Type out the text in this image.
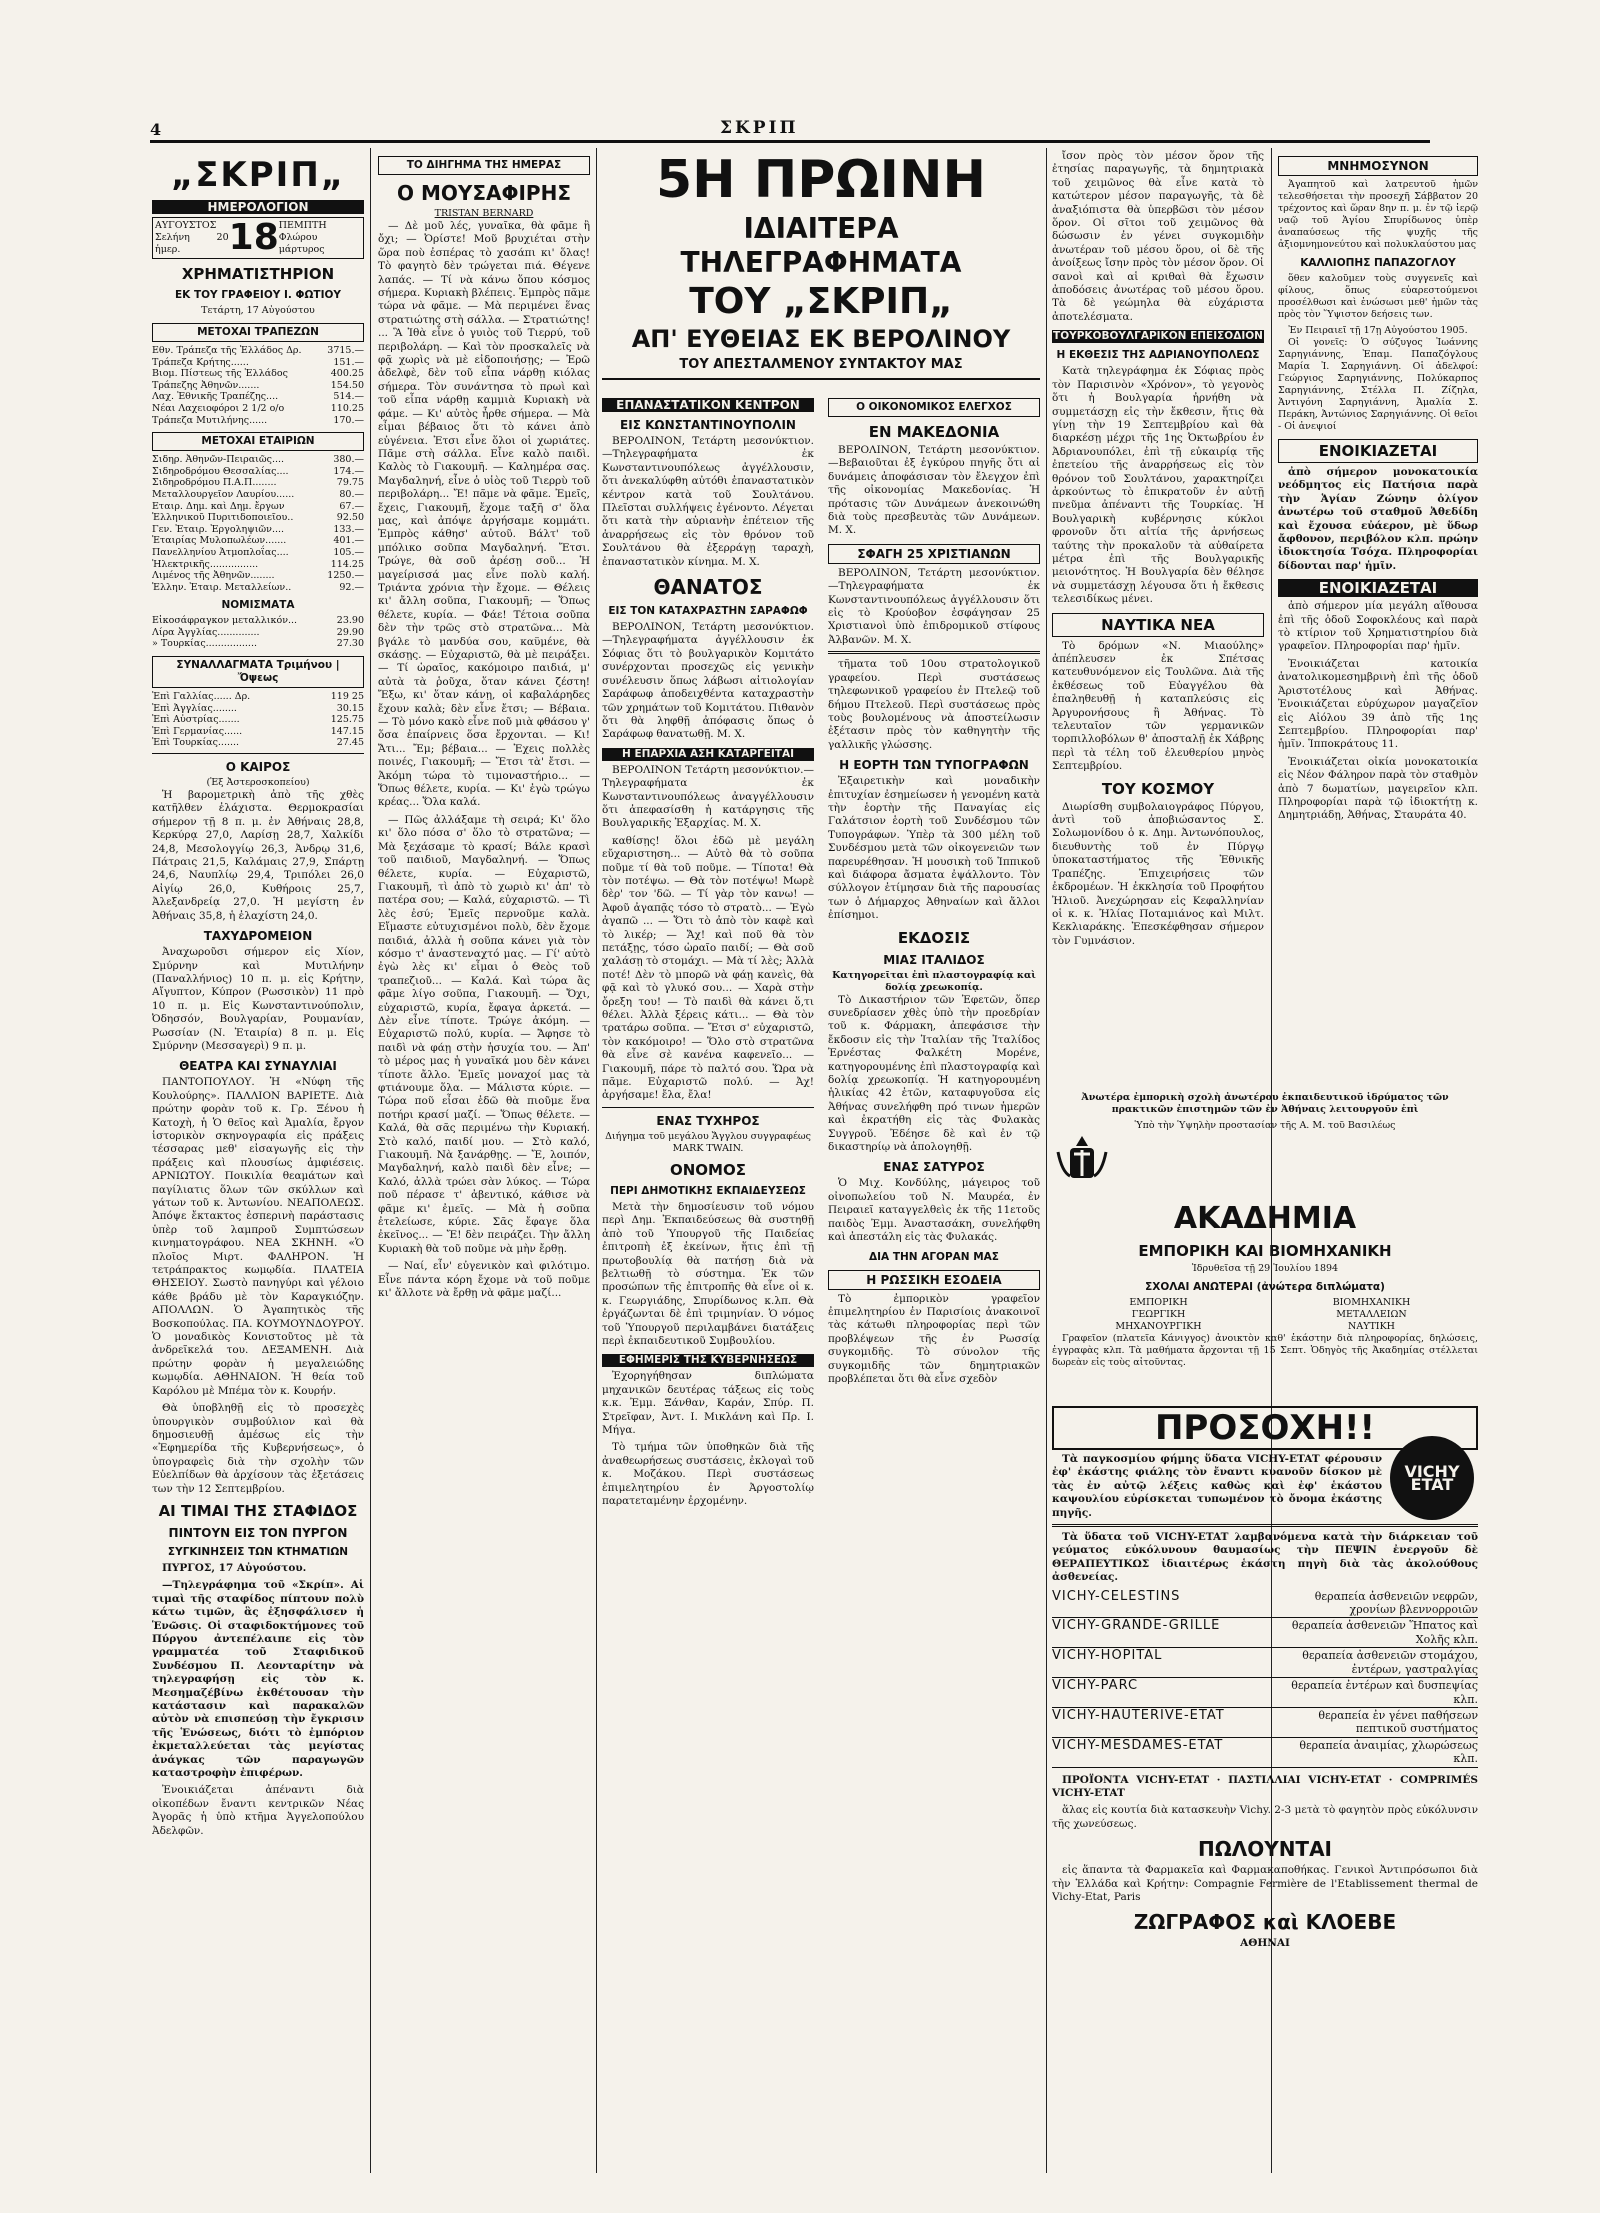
4	ΣΚΡΙΠ
„ΣΚΡΙΠ„
ΗΜΕΡΟΛΟΓΙΟΝ
ΑΥΓΟΥΣΤΟΣ
Σελήνη 20 ἡμερ.	18 ΠΕΜΠΤΗ
Φλώρου μάρτυρος
ΧΡΗΜΑΤΙΣΤΗΡΙΟΝ
ΕΚ ΤΟΥ ΓΡΑΦΕΙΟΥ Ι. ΦΩΤΙΟΥ
Τετάρτη, 17 Αὐγούστου
ΜΕΤΟΧΑΙ ΤΡΑΠΕΖΩΝ
Εθν. Τράπεζα τῆς Ἑλλάδος Δρ.	3715.—
Τράπεζα Κρήτης......	151.—
Βιομ. Πίστεως τῆς Ἑλλάδος	400.25
Τράπεζης Ἀθηνῶν.......	154.50
Λαχ. Ἐθνικῆς Τραπέζης....	514.—
Νέαι Λαχειοφόροι 2 1/2 ο/ο	110.25
Τράπεζα Μυτιλήνης......	170.—
ΜΕΤΟΧΑΙ ΕΤΑΙΡΙΩΝ
Σιδηρ. Ἀθηνῶν-Πειραιῶς....	380.—
Σιδηροδρόμου Θεσσαλίας....	174.—
Σιδηροδρόμου Π.Α.Π........	79.75
Μεταλλουργεῖον Λαυρίου......	80.—
Εταιρ. Δημ. καὶ Δημ. ἔργων	67.—
Ἑλληνικοῦ Πυριτιδοποιεῖου..	92.50
Γεν. Ἐταιρ. Ἐργοληψιῶν....	133.—
Ἑταιρίας Μυλοπωλέων.......	401.—
Πανελληνίου Ἀτμοπλοΐας....	105.—
Ἡλεκτρικῆς................	114.25
Λιμένος τῆς Ἀθηνῶν........	1250.—
Ἑλλην. Ἐταιρ. Μεταλλείων..	92.—
ΝΟΜΙΣΜΑΤΑ
Εἰκοσάφραγκον μεταλλικόν...	23.90
Λίρα Ἀγγλίας..............	29.90
» Τουρκίας.................	27.30
ΣΥΝΑΛΛΑΓΜΑΤΑ Τριμήνου | Ὄψεως
Ἐπὶ Γαλλίας...... Δρ.	119 25
Ἐπὶ Ἀγγλίας........	30.15
Ἐπὶ Αὐστρίας.......	125.75
Ἐπὶ Γερμανίας......	147.15
Ἐπὶ Τουρκίας.......	27.45
Ο ΚΑΙΡΟΣ
(Ἐξ Ἀστεροσκοπείου)

Ἡ βαρομετρικὴ ἀπὸ τῆς χθὲς κατῆλθεν ἐλάχιστα. Θερμοκρασίαι σήμερον τῇ 8 π. μ. ἐν Ἀθήναις 28,8, Κερκύρᾳ 27,0, Λαρίσῃ 28,7, Χαλκίδι 24,8, Μεσολογγίῳ 26,3, Ἀνδρῳ 31,6, Πάτραις 21,5, Καλάμαις 27,9, Σπάρτῃ 24,6, Ναυπλίῳ 29,4, Τριπόλει 26,0 Αἰγίῳ 26,0, Κυθήροις 25,7, Ἀλεξανδρείᾳ 27,0. Ἡ μεγίστη ἐν Ἀθήναις 35,8, ἡ ἐλαχίστη 24,0.

ΤΑΧΥΔΡΟΜΕΙΟΝ

Ἀναχωροῦσι σήμερον εἰς Χίον, Σμύρνην καὶ Μυτιλήνην (Παναλλήνιος) 10 π. μ. εἰς Κρήτην, Αἴγυπτον, Κύπρον (Ρωσσικὸν) 11 πρὸ 10 π. μ. Εἰς Κωνσταντινούπολιν, Ὀδησσόν, Βουλγαρίαν, Ρουμανίαν, Ρωσσίαν (Ν. Ἑταιρία) 8 π. μ. Εἰς Σμύρνην (Μεσσαγερὶ) 9 π. μ.

ΘΕΑΤΡΑ ΚΑΙ ΣΥΝΑΥΛΙΑΙ

ΠΑΝΤΟΠΟΥΛΟΥ. Ἡ «Νύφη τῆς Κουλούρης». ΠΑΛΛΙΟΝ ΒΑΡΙΕΤΕ. Διὰ πρώτην φορὰν τοῦ κ. Γρ. Ξένου ἡ Κατοχὴ, ἡ Ὁ θεῖος καὶ Ἀμαλία, ἔργον ἱστορικὸν σκηνογραφία εἰς πράξεις τέσσαρας μεθ' εἰσαγωγῆς εἰς τὴν πράξεις καὶ πλουσίως ἀμφιέσεις. ΑΡΝΙΩΤΟΥ. Ποικιλία θεαμάτων καὶ παγίλιατις ὅλων τῶν σκύλλων καὶ γάτων τοῦ κ. Ἀντωνίου. ΝΕΑΠΟΛΕΩΣ. Ἀπόψε ἔκτακτος ἐσπερινὴ παράστασις ὑπὲρ τοῦ λαμπροῦ Συμπτώσεων κινηματογράφου. ΝΕΑ ΣΚΗΝΗ. «Ὁ πλοῖος Μιρτ. ΦΑΛΗΡΟΝ. Ἡ τετράπρακτος κωμῳδία. ΠΛΑΤΕΙΑ ΘΗΣΕΙΟΥ. Σωστὸ πανηγύρι καὶ γέλοιο κάθε βράδυ μὲ τὸν Καραγκιόζην. ΑΠΟΛΛΩΝ. Ὁ Ἀγαπητικὸς τῆς Βοσκοπούλας. ΠΑ. ΚΟΥΜΟΥΝΔΟΥΡΟΥ. Ὁ μοναδικὸς Κονιστοῦτος μὲ τὰ ἀνδρεῖκελά του. ΔΕΞΑΜΕΝΗ. Διὰ πρώτην φορὰν ἡ μεγαλειώδης κωμῳδία. ΑΘΗΝΑΙΟΝ. Ἡ θεία τοῦ Καρόλου μὲ Μπέμα τὸν κ. Κουρήν.

Θὰ ὑποβληθῇ εἰς τὸ προσεχὲς ὑπουργικὸν συμβούλιον καὶ θὰ δημοσιευθῇ ἀμέσως εἰς τὴν «Ἐφημερίδα τῆς Κυβερνήσεως», ὁ ὑπογραφεὶς διὰ τὴν σχολὴν τῶν Εὐελπίδων θὰ ἀρχίσουν τὰς ἐξετάσεις των τὴν 12 Σεπτεμβρίου.

ΑΙ ΤΙΜΑΙ ΤΗΣ ΣΤΑΦΙΔΟΣ
ΠΙΝΤΟΥΝ ΕΙΣ ΤΟΝ ΠΥΡΓΟΝ
ΣΥΓΚΙΝΗΣΕΙΣ ΤΩΝ ΚΤΗΜΑΤΙΩΝ

ΠΥΡΓΟΣ, 17 Αὐγούστου.

—Τηλεγράφημα τοῦ «Σκρίπ». Αἱ τιμαὶ τῆς σταφίδος πίπτουν πολὺ κάτω τιμῶν, ἃς ἐξησφάλισεν ἡ Ἑνῶσις. Οἱ σταφιδοκτήμονες τοῦ Πύργου ἀντεπέλαιπε εἰς τὸν γραμματέα τοῦ Σταφιδικοῦ Συνδέσμου Π. Λεονταρίτην νὰ τηλεγραφήσῃ εἰς τὸν κ. Μεσημαζέβίνω ἐκθέτουσαν τὴν κατάστασιν καὶ παρακαλῶν αὐτὸν νὰ επισπεύσῃ τὴν ἔγκρισιν τῆς Ἑνώσεως, διότι τὸ ἐμπόριον ἐκμεταλλεύεται τὰς μεγίστας ἀνάγκας τῶν παραγωγῶν καταστροφὴν ἐπιφέρων.

Ἐνοικιάζεται ἀπέναντι διὰ οἰκοπέδων ἔναντι κεντρικῶν Νέας Ἀγορᾶς ἡ ὑπὸ κτῆμα Ἀγγελοπούλου Ἀδελφῶν.

ΤΟ ΔΙΗΓΗΜΑ ΤΗΣ ΗΜΕΡΑΣ
Ο ΜΟΥΣΑΦΙΡΗΣ
TRISTAN BERNARD

— Δὲ μοῦ λές, γυναῖκα, θὰ φᾶμε ἢ ὄχι; — Ὀρίστε! Μοῦ βρυχιέται στὴν ὥρα ποὺ ἐσπέρας τὸ χασάπι κι' ὅλας! Τὸ φαγητὸ δὲν τρώγεται πιά. Θέγενε λαπάς. — Τί νὰ κάνω ὅπου κόσμος σήμερα. Κυριακὴ βλέπεις. Ἐμπρὸς πᾶμε τώρα νὰ φᾶμε. — Μὰ περιμένει ἕνας στρατιώτης στὴ σάλλα. — Στρατιώτης! ... Ἃ Ἰθὰ εἶνε ὁ γυιὸς τοῦ Τιερρύ, τοῦ περιβολάρη. — Καὶ τὸν προσκαλεῖς νὰ φᾷ χωρὶς νὰ μὲ εἰδοποιήσῃς; — Ἐρῶ ἀδελφὲ, δὲν τοῦ εἶπα νάρθῃ κιόλας σήμερα. Τὸν συνάντησα τὸ πρωὶ καὶ τοῦ εἶπα νάρθῃ καμμιὰ Κυριακὴ νὰ φάμε. — Κι' αὐτὸς ἦρθε σήμερα. — Μὰ εἶμαι βέβαιος ὅτι τὸ κάνει ἀπὸ εὐγένεια. Ἐτσι εἶνε ὅλοι οἱ χωριάτες. Πᾶμε στὴ σάλλα. Εἶνε καλὸ παιδὶ. Καλὸς τὸ Γιακουμῆ. — Καλημέρα σας. Μαγδαληνή, εἶνε ὁ υἱὸς τοῦ Τιερρὺ τοῦ περιβολάρη... Ἔ! πᾶμε νὰ φᾶμε. Ἐμεῖς, ἔχεις, Γιακουμῆ, ἔχομε ταξῆ σ' ὅλα μας, καὶ ἀπόψε ἀργήσαμε κομμάτι. Ἐμπρὸς κάθησ' αὐτοῦ. Βάλτ' τοῦ μπόλικο σοῦπα Μαγδαληνή. Ἔτσι. Τρώγε, θὰ σοῦ ἀρέσῃ σοῦ... Ἡ μαγείρισσά μας εἶνε πολὺ καλή. Τριάντα χρόνια τὴν ἔχομε. — Θέλεις κι' ἄλλη σοῦπα, Γιακουμῆ; — Ὅπως θέλετε, κυρία. — Φάε! Τέτοια σοῦπα δὲν τὴν τρῶς στὸ στρατῶνα... Μὰ βγάλε τὸ μανδύα σου, καϋμένε, θὰ σκάσῃς. — Εὐχαριστῶ, θὰ μὲ πειράξει. — Τί ὡραῖος, κακόμοιρο παιδιά, μ' αὐτὰ τὰ ῥοῦχα, ὅταν κάνει ζέστη! Ἔξω, κι' ὅταν κάνῃ, οἱ καβαλάρηδες ἔχουν καλὰ; δὲν εἶνε ἔτσι; — Βέβαια. — Τὸ μόνο κακὸ εἶνε ποῦ μιὰ φθάσου γ' ὅσα ἐπαίρνεις ὅσα ἔρχονται. — Κι! Ἄτι... Ἔμ; βέβαια... — Ἐχεις πολλὲς ποινές, Γιακουμῆ; — Ἔτσι τὰ' ἔτσι. — Ἀκόμη τώρα τὸ τιμοναστήριο... — Ὅπως θέλετε, κυρία. — Κι' ἐγὼ τρώγω κρέας... Ὅλα καλά.

— Πῶς ἀλλάξαμε τὴ σειρά; Κι' ὅλο κι' ὅλο πόσα σ' ὅλο τὸ στρατῶνα; — Μὰ ξεχάσαμε τὸ κρασί; Βάλε κρασὶ τοῦ παιδιοῦ, Μαγδαληνή. — Ὅπως θέλετε, κυρία. — Εὐχαριστῶ, Γιακουμῆ, τὶ ἀπὸ τὸ χωριὸ κι' ἀπ' τὸ πατέρα σου; — Καλά, εὐχαριστῶ. — Τὶ λὲς ἐσύ; Ἐμεῖς περνοῦμε καλὰ. Εἴμαστε εὐτυχισμένοι πολὺ, δὲν ἔχομε παιδιά, ἀλλὰ ἡ σοῦπα κάνει γιὰ τὸν κόσμο τ' ἀναστεναχτό μας. — Γί' αὐτὸ ἐγὼ λὲς κι' εἶμαι ὁ Θεὸς τοῦ τραπεζιοῦ... — Καλά. Καὶ τώρα ἂς φᾶμε λίγο σοῦπα, Γιακουμῆ. — Ὄχι, εὐχαριστῶ, κυρία, ἔφαγα ἀρκετά. — Δὲν εἶνε τίποτε. Τρώγε ἀκόμη. — Εὐχαριστῶ πολύ, κυρία. — Ἄφησε τὸ παιδὶ νὰ φάῃ στὴν ἡσυχία του. — Ἀπ' τὸ μέρος μας ἡ γυναῖκά μου δὲν κάνει τίποτε ἄλλο. Ἐμεῖς μοναχοί μας τὰ φτιάνουμε ὅλα. — Μάλιστα κύριε. — Τώρα ποῦ εἶσαι ἐδῶ θὰ πιοῦμε ἕνα ποτήρι κρασί μαζί. — Ὅπως θέλετε. — Καλά, θὰ σᾶς περιμένω τὴν Κυριακή. Στὸ καλό, παιδί μου. — Στὸ καλό, Γιακουμῆ. Νὰ ξανάρθῃς. — Ἔ, λοιπόν, Μαγδαληνή, καλὸ παιδὶ δὲν εἶνε; — Καλό, ἀλλὰ τρώει σὰν λύκος. — Τώρα ποῦ πέρασε τ' ἀβεντικό, κάθισε νὰ φᾶμε κι' ἐμεῖς. — Μὰ ἡ σοῦπα ἐτελείωσε, κύριε. Σᾶς ἔφαγε ὅλα ἐκεῖνος... — Ἔ! δὲν πειράζει. Τὴν ἄλλη Κυριακὴ θὰ τοῦ ποῦμε νὰ μὴν ἔρθῃ.

— Ναί, εἶν' εὐγενικὸν καὶ φιλότιμο. Εἶνε πάντα κόρη ἔχομε νὰ τοῦ ποῦμε κι' ἄλλοτε νὰ ἔρθῃ νὰ φᾶμε μαζί...

5Η ΠΡΩΙΝΗ
ΙΔΙΑΙΤΕΡΑ ΤΗΛΕΓΡΑΦΗΜΑΤΑ
ΤΟΥ „ΣΚΡΙΠ„
ΑΠ' ΕΥΘΕΙΑΣ ΕΚ ΒΕΡΟΛΙΝΟΥ
ΤΟΥ ΑΠΕΣΤΑΛΜΕΝΟΥ ΣΥΝΤΑΚΤΟΥ ΜΑΣ
ΕΠΑΝΑΣΤΑΤΙΚΟΝ ΚΕΝΤΡΟΝ
ΕΙΣ ΚΩΝΣΤΑΝΤΙΝΟΥΠΟΛΙΝ

ΒΕΡΟΛΙΝΟΝ, Τετάρτη μεσονύκτιον.—Τηλεγραφήματα ἐκ Κωνσταντινουπόλεως ἀγγέλλουσιν, ὅτι ἀνεκαλύφθη αὐτόθι ἐπαναστατικὸν κέντρον κατὰ τοῦ Σουλτάνου. Πλεῖσται συλλήψεις ἐγένοντο. Λέγεται ὅτι κατὰ τὴν αὐριανὴν ἐπέτειον τῆς ἀναρρήσεως εἰς τὸν θρόνον τοῦ Σουλτάνου θὰ ἐξερράγῃ ταραχὴ, ἐπαναστατικὸν κίνημα. Μ. Χ.

ΘΑΝΑΤΟΣ
ΕΙΣ ΤΟΝ ΚΑΤΑΧΡΑΣΤΗΝ ΣΑΡΑΦΩΦ

ΒΕΡΟΛΙΝΟΝ, Τετάρτη μεσονύκτιον.—Τηλεγραφήματα ἀγγέλλουσιν ἐκ Σόφιας ὅτι τὸ βουλγαρικὸν Κομιτάτο συνέρχονται προσεχῶς εἰς γενικὴν συνέλευσιν ὅπως λάβωσι αἰτιολογίαν Σαράφωφ ἀποδειχθέντα καταχραστὴν τῶν χρημάτων τοῦ Κομιτάτου. Πιθανὸν ὅτι θὰ ληφθῇ ἀπόφασις ὅπως ὁ Σαράφωφ θανατωθῇ. Μ. Χ.

Η ΕΠΑΡΧΙΑ ΑΣΗ ΚΑΤΑΡΓΕΙΤΑΙ

ΒΕΡΟΛΙΝΟΝ Τετάρτη μεσονύκτιον.—Τηλεγραφήματα ἐκ Κωνσταντινουπόλεως ἀναγγέλλουσιν ὅτι ἀπεφασίσθη ἡ κατάργησις τῆς Βουλγαρικῆς Ἐξαρχίας. Μ. Χ.

καθίσῃς! ὅλοι ἐδῶ μὲ μεγάλη εὔχαριστηση... — Αὐτὸ θὰ τὸ σοῦπα ποῦμε τί θὰ τοῦ ποῦμε. — Τίποτα! Θὰ τὸν ποτέψω. — Θὰ τὸν ποτέψω! Μωρὲ δὲρ' τον 'δῶ. — Τί γὰρ τὸν κανω! — Ἀφοῦ ἀγαπᾷς τόσο τὸ στρατὸ... — Ἐγὼ ἀγαπῶ ... — Ὅτι τὸ ἀπὸ τὸν καφὲ καὶ τὸ λικέρ; — Ἄχ! καὶ ποῦ θὰ τὸν πετάξῃς, τόσο ὡραῖο παιδί; — Θὰ σοῦ χαλάσῃ τὸ στομάχι. — Μὰ τί λὲς; Ἀλλὰ ποτέ! Δὲν τὸ μπορῶ νὰ φάῃ κανεὶς, θὰ φᾷ καὶ τὸ γλυκό σου... — Χαρὰ στὴν ὄρεξη του! — Τὸ παιδὶ θὰ κάνει ὅ,τι θέλει. Ἀλλὰ ξέρεις κάτι... — Θὰ τὸν τρατάρω σοῦπα. — Ἔτσι σ' εὐχαριστῶ, τὸν κακόμοιρο! — Ὅλο στὸ στρατῶνα θὰ εἶνε σὲ κανένα καφενεῖο... — Γιακουμῆ, πάρε τὸ παλτό σου. Ὥρα νὰ πᾶμε. Εὐχαριστῶ πολύ. — Ἀχ! ἀργήσαμε! ἔλα, ἔλα!

ΕΝΑΣ ΤΥΧΗΡΟΣ
Διήγημα τοῦ μεγάλου Ἄγγλου συγγραφέως MARK TWAIN.
ΟΝΟΜΟΣ
ΠΕΡΙ ΔΗΜΟΤΙΚΗΣ ΕΚΠΑΙΔΕΥΣΕΩΣ

Μετὰ τὴν δημοσίευσιν τοῦ νόμου περὶ Δημ. Ἐκπαιδεύσεως θὰ συστηθῇ ἀπὸ τοῦ Ὑπουργοῦ τῆς Παιδείας ἐπιτροπὴ ἐξ ἐκείνων, ἥτις ἐπὶ τῇ πρωτοβουλίᾳ θὰ πατήσῃ διὰ νὰ βελτιωθῇ τὸ σύστημα. Ἐκ τῶν προσώπων τῆς ἐπιτροπῆς θὰ εἶνε οἱ κ. κ. Γεωργιάδης, Σπυρίδωνος κ.λπ. Θὰ ἐργάζωνται δὲ ἐπὶ τριμηνίαν. Ὁ νόμος τοῦ Ὑπουργοῦ περιλαμβάνει διατάξεις περὶ ἐκπαιδευτικοῦ Συμβουλίου.

ΕΦΗΜΕΡΙΣ ΤΗΣ ΚΥΒΕΡΝΗΣΕΩΣ

Ἐχορηγήθησαν διπλώματα μηχανικῶν δευτέρας τάξεως εἰς τοὺς κ.κ. Ἐμμ. Ξάνθαν, Καράν, Σπύρ. Π. Στρεῖφαν, Ἀντ. Ι. Μικλάνη καὶ Πρ. Ι. Μήγα.

Τὸ τμήμα τῶν ὑποθηκῶν διὰ τῆς ἀναθεωρήσεως συστάσεις, ἐκλογαὶ τοῦ κ. Μοζάκου. Περὶ συστάσεως ἐπιμελητηρίου ἐν Ἀργοστολίῳ παρατεταμένην ἐρχομένην.

Ο ΟΙΚΟΝΟΜΙΚΟΣ ΕΛΕΓΧΟΣ
ΕΝ ΜΑΚΕΔΟΝΙΑ

ΒΕΡΟΛΙΝΟΝ, Τετάρτη μεσονύκτιον.—Βεβαιοῦται ἐξ ἐγκύρου πηγῆς ὅτι αἱ δυνάμεις ἀποφάσισαν τὸν ἔλεγχον ἐπὶ τῆς οἰκονομίας Μακεδονίας. Ἡ πρότασις τῶν Δυνάμεων ἀνεκοινώθη διὰ τοὺς πρεσβευτὰς τῶν Δυνάμεων. Μ. Χ.

ΣΦΑΓΗ 25 ΧΡΙΣΤΙΑΝΩΝ

ΒΕΡΟΛΙΝΟΝ, Τετάρτη μεσονύκτιον.—Τηλεγραφήματα ἐκ Κωνσταντινουπόλεως ἀγγέλλουσιν ὅτι εἰς τὸ Κρούοβον ἐσφάγησαν 25 Χριστιανοὶ ὑπὸ ἐπιδρομικοῦ στίφους Ἀλβανῶν. Μ. Χ.

τῆματα τοῦ 10ου στρατολογικοῦ γραφείου. Περὶ συστάσεως τηλεφωνικοῦ γραφείου ἐν Πτελεῷ τοῦ δήμου Πτελεοῦ. Περὶ συστάσεως πρὸς τοὺς βουλομένους νὰ ἀποστείλωσιν ἐξέτασιν πρὸς τὸν καθηγητὴν τῆς γαλλικῆς γλώσσης.

Η ΕΟΡΤΗ ΤΩΝ ΤΥΠΟΓΡΑΦΩΝ

Ἐξαιρετικὴν καὶ μοναδικὴν ἐπιτυχίαν ἐσημείωσεν ἡ γενομένη κατὰ τὴν ἑορτὴν τῆς Παναγίας εἰς Γαλάτσιον ἑορτὴ τοῦ Συνδέσμου τῶν Τυπογράφων. Ὑπὲρ τὰ 300 μέλη τοῦ Συνδέσμου μετὰ τῶν οἰκογενειῶν των παρευρέθησαν. Ἡ μουσικὴ τοῦ Ἱππικοῦ καὶ διάφορα ἄσματα ἐψάλλοντο. Τὸν σύλλογον ἐτίμησαν διὰ τῆς παρουσίας των ὁ Δήμαρχος Ἀθηναίων καὶ ἄλλοι ἐπίσημοι.

ΕΚΔΟΣΙΣ
ΜΙΑΣ ΙΤΑΛΙΔΟΣ
Κατηγορεῖται ἐπὶ πλαστογραφίᾳ καὶ δολίᾳ χρεωκοπίᾳ.

Τὸ Δικαστήριον τῶν Ἐφετῶν, ὅπερ συνεδρίασεν χθὲς ὑπὸ τὴν προεδρίαν τοῦ κ. Φάρμακη, ἀπεφάσισε τὴν ἔκδοσιν εἰς τὴν Ἰταλίαν τῆς Ἰταλίδος Ἐρνέστας Φαλκέτη Μορένε, κατηγορουμένης ἐπὶ πλαστογραφίᾳ καὶ δολίᾳ χρεωκοπίᾳ. Ἡ κατηγορουμένη ἡλικίας 42 ἐτῶν, καταφυγοῦσα εἰς Ἀθήνας συνελήφθη πρό τινων ἡμερῶν καὶ ἐκρατήθη εἰς τὰς Φυλακὰς Συγγροῦ. Ἐδέησε δὲ καὶ ἐν τῷ δικαστηρίῳ νὰ ἀπολογηθῇ.

ΕΝΑΣ ΣΑΤΥΡΟΣ

Ὁ Μιχ. Κονδύλης, μάγειρος τοῦ οἰνοπωλείου τοῦ Ν. Μαυρέα, ἐν Πειραιεῖ καταγγελθεὶς ἐκ τῆς 11ετοῦς παιδὸς Ἐμμ. Ἀναστασάκη, συνελήφθη καὶ ἀπεστάλη εἰς τὰς Φυλακάς.

ΔΙΑ ΤΗΝ ΑΓΟΡΑΝ ΜΑΣ
Η ΡΩΣΣΙΚΗ ΕΣΟΔΕΙΑ

Τὸ ἐμπορικὸν γραφεῖον ἐπιμελητηρίου ἐν Παρισίοις ἀνακοινοῖ τὰς κάτωθι πληροφορίας περὶ τῶν προβλέψεων τῆς ἐν Ρωσσίᾳ συγκομιδῆς. Τὸ σύνολον τῆς συγκομιδῆς τῶν δημητριακῶν προβλέπεται ὅτι θὰ εἶνε σχεδὸν

ἴσον πρὸς τὸν μέσον ὅρον τῆς ἐτησίας παραγωγῆς, τὰ δημητριακὰ τοῦ χειμῶνος θὰ εἶνε κατὰ τὸ κατώτερον μέσον παραγωγῆς, τὰ δὲ ἀναξιόπιστα θὰ ὑπερβῶσι τὸν μέσον ὅρον. Οἱ σῖτοι τοῦ χειμῶνος θὰ δώσωσιν ἐν γένει συγκομιδὴν ἀνωτέραν τοῦ μέσου ὅρου, οἱ δὲ τῆς ἀνοίξεως ἴσην πρὸς τὸν μέσον ὅρον. Οἱ σανοὶ καὶ αἱ κριθαὶ θὰ ἔχωσιν ἀποδόσεις ἀνωτέρας τοῦ μέσου ὅρου. Τὰ δὲ γεώμηλα θὰ εὐχάριστα ἀποτελέσματα.

ΤΟΥΡΚΟΒΟΥΛΓΑΡΙΚΟΝ ΕΠΕΙΣΟΔΙΟΝ
Η ΕΚΘΕΣΙΣ ΤΗΣ ΑΔΡΙΑΝΟΥΠΟΛΕΩΣ

Κατὰ τηλεγράφημα ἐκ Σόφιας πρὸς τὸν Παρισινὸν «Χρόνον», τὸ γεγονὸς ὅτι ἡ Βουλγαρία ἠρνήθη νὰ συμμετάσχῃ εἰς τὴν ἔκθεσιν, ἥτις θὰ γίνῃ τὴν 19 Σεπτεμβρίου καὶ θὰ διαρκέσῃ μέχρι τῆς 1ης Ὀκτωβρίου ἐν Ἀδριανουπόλει, ἐπὶ τῇ εὐκαιρίᾳ τῆς ἐπετείου τῆς ἀναρρήσεως εἰς τὸν θρόνον τοῦ Σουλτάνου, χαρακτηρίζει ἀρκούντως τὸ ἐπικρατοῦν ἐν αὐτῇ πνεῦμα ἀπέναντι τῆς Τουρκίας. Ἡ Βουλγαρικὴ κυβέρνησις κύκλοι φρονοῦν ὅτι αἰτία τῆς ἀρνήσεως ταύτης τὴν προκαλοῦν τὰ αὐθαίρετα μέτρα ἐπὶ τῆς Βουλγαρικῆς μειονότητος. Ἡ Βουλγαρία δὲν θέλησε νὰ συμμετάσχῃ λέγουσα ὅτι ἡ ἔκθεσις τελεσιδίκως μένει.

ΝΑΥΤΙΚΑ ΝΕΑ

Τὸ δρόμων «Ν. Μιαούλης» ἀπέπλευσεν ἐκ Σπέτσας κατευθυνόμενον εἰς Τουλῶνα. Διὰ τῆς ἐκθέσεως τοῦ Εὐαγγέλου θὰ ἐπαληθευθῇ ἡ καταπλεύσις εἰς Ἀργυρονήσους ἢ Ἀθήνας. Τὸ τελευταῖον τῶν γερμανικῶν τορπιλλοβόλων θ' ἀποσταλῇ ἐκ Χάβρης περὶ τὰ τέλη τοῦ ἐλευθερίου μηνὸς Σεπτεμβρίου.

ΤΟΥ ΚΟΣΜΟΥ

Διωρίσθη συμβολαιογράφος Πύργου, ἀντὶ τοῦ ἀποβιώσαντος Σ. Σολωμονίδου ὁ κ. Δημ. Ἀντωνόπουλος, διευθυντὴς τοῦ ἐν Πύργῳ ὑποκαταστήματος τῆς Ἐθνικῆς Τραπέζης. Ἐπιχειρήσεις τῶν ἐκδρομέων. Ἡ ἐκκλησία τοῦ Προφήτου Ἠλιοῦ. Ἀνεχώρησαν εἰς Κεφαλληνίαν οἱ κ. κ. Ἠλίας Ποταμιάνος καὶ Μιλτ. Κεκλιαράκης. Ἐπεσκέφθησαν σήμερον τὸν Γυμνάσιον.

ΜΝΗΜΟΣΥΝΟΝ

Ἀγαπητοῦ καὶ λατρευτοῦ ἡμῶν τελεσθήσεται τὴν προσεχῆ Σάββατον 20 τρέχοντος καὶ ὥραν 8ην π. μ. ἐν τῷ ἱερῷ ναῷ τοῦ Ἁγίου Σπυρίδωνος ὑπὲρ ἀναπαύσεως τῆς ψυχῆς τῆς ἀξιομνημονεύτου καὶ πολυκλαύστου μας

ΚΑΛΛΙΟΠΗΣ ΠΑΠΑΖΟΓΛΟΥ

ὅθεν καλοῦμεν τοὺς συγγενεῖς καὶ φίλους, ὅπως εὐαρεστούμενοι προσέλθωσι καὶ ἐνώσωσι μεθ' ἡμῶν τὰς πρὸς τὸν Ὕψιστον δεήσεις των.

Ἐν Πειραιεῖ τῇ 17ῃ Αὐγούστου 1905.

Οἱ γονεῖς: Ὁ σύζυγος Ἰωάννης Σαρηγιάννης, Ἐπαμ. Παπαζόγλους Μαρία Ἰ. Σαρηγιάννη. Οἱ ἀδελφοί: Γεώργιος Σαρηγιάννης, Πολύκαρπος Σαρηγιάννης, Στέλλα Π. Ζίζηλα, Ἀντιγόνη Σαρηγιάννη, Ἀμαλία Σ. Περάκη, Ἀντώνιος Σαρηγιάννης. Οἱ θεῖοι - Οἱ ἀνεψιοί

ΕΝΟΙΚΙΑΖΕΤΑΙ

ἀπὸ σήμερον μονοκατοικία νεόδμητος εἰς Πατήσια παρὰ τὴν Ἁγίαν Ζώνην ὀλίγον ἀνωτέρω τοῦ σταθμοῦ Ἀθεδίδη καὶ ἔχουσα εὐάερον, μὲ ὕδωρ ἄφθονον, περιβόλον κλπ. πρώην ἰδιοκτησία Τσόχα. Πληροφορίαι δίδονται παρ' ἡμῖν.

ΕΝΟΙΚΙΑΖΕΤΑΙ

ἀπὸ σήμερον μία μεγάλη αἴθουσα ἐπὶ τῆς ὁδοῦ Σοφοκλέους καὶ παρὰ τὸ κτίριον τοῦ Χρηματιστηρίου διὰ γραφεῖον. Πληροφορίαι παρ' ἡμῖν.

Ἐνοικιάζεται κατοικία ἀνατολικομεσημβρινὴ ἐπὶ τῆς ὁδοῦ Ἀριστοτέλους καὶ Ἀθήνας. Ἐνοικιάζεται εὐρύχωρον μαγαζεῖον εἰς Αἰόλου 39 ἀπὸ τῆς 1ης Σεπτεμβρίου. Πληροφορίαι παρ' ἡμῖν. Ἱπποκράτους 11.

Ἐνοικιάζεται οἰκία μονοκατοικία εἰς Νέον Φάληρον παρὰ τὸν σταθμὸν ἀπὸ 7 δωματίων, μαγειρεῖον κλπ. Πληροφορίαι παρὰ τῷ ἰδιοκτήτῃ κ. Δημητριάδῃ, Ἀθήνας, Σταυράτα 40.

Ἀνωτέρα ἐμπορικὴ σχολὴ ἀνωτέρου ἐκπαιδευτικοῦ ἱδρύματος τῶν πρακτικῶν ἐπιστημῶν τῶν ἐν Ἀθήναις λειτουργοῦν ἐπὶ

Ὑπὸ τὴν Ὑψηλὴν προστασίαν τῆς Α. Μ. τοῦ Βασιλέως
ΑΚΑΔΗΜΙΑ
ΕΜΠΟΡΙΚΗ ΚΑΙ ΒΙΟΜΗΧΑΝΙΚΗ
Ἱδρυθεῖσα τῇ 29 Ἰουλίου 1894
ΣΧΟΛΑΙ ΑΝΩΤΕΡΑΙ (ἀνώτερα διπλώματα)
ΕΜΠΟΡΙΚΗ	ΒΙΟΜΗΧΑΝΙΚΗ
ΓΕΩΡΓΙΚΗ	ΜΕΤΑΛΛΕΙΩΝ
ΜΗΧΑΝΟΥΡΓΙΚΗ	ΝΑΥΤΙΚΗ

Γραφεῖον (πλατεῖα Κάνιγγος) ἀνοικτὸν καθ' ἑκάστην διὰ πληροφορίας, δηλώσεις, ἐγγραφὰς κλπ. Τὰ μαθήματα ἄρχονται τῇ 15 Σεπτ. Ὁδηγὸς τῆς Ἀκαδημίας στέλλεται δωρεὰν εἰς τοὺς αἰτοῦντας.

ΠΡΟΣΟΧΗ!!

Τὰ παγκοσμίου φήμης ὕδατα VICHY-ETAT φέρουσιν ἐφ' ἑκάστης φιάλης τὸν ἔναντι κυανοῦν δίσκον μὲ τὰς ἐν αὐτῷ λέξεις καθὼς καὶ ἐφ' ἑκάστου καψουλίου εὑρίσκεται τυπωμένον τὸ ὄνομα ἑκάστης πηγῆς.

VICHY
ETAT

Τὰ ὕδατα τοῦ VICHY-ETAT λαμβανόμενα κατὰ τὴν διάρκειαν τοῦ γεύματος εὐκόλυνουν θαυμασίως τὴν ΠΕΨΙΝ ἐνεργοῦν δὲ ΘΕΡΑΠΕΥΤΙΚΩΣ ἰδιαιτέρως ἑκάστη πηγὴ διὰ τὰς ἀκολούθους ἀσθενείας.

VICHY-CELESTINS	θεραπεία ἀσθενειῶν νεφρῶν, χρονίων βλεννορροιῶν
VICHY-GRANDE-GRILLE	θεραπεία ἀσθενειῶν Ἥπατος καὶ Χολῆς κλπ.
VICHY-HOPITAL	θεραπεία ἀσθενειῶν στομάχου, ἐντέρων, γαστραλγίας
VICHY-PARC	θεραπεία ἐντέρων καὶ δυσπεψίας κλπ.
VICHY-HAUTERIVE-ETAT	θεραπεία ἐν γένει παθήσεων πεπτικοῦ συστήματος
VICHY-MESDAMES-ETAT	θεραπεία ἀναιμίας, χλωρώσεως κλπ.

ΠΡΟΪΟΝΤΑ VICHY-ETAT · ΠΑΣΤΙΛΛΙΑΙ VICHY-ETAT · COMPRIMÉS VICHY-ETAT

ἅλας εἰς κουτία διὰ κατασκευὴν Vichy. 2-3 μετὰ τὸ φαγητὸν πρὸς εὐκόλυνσιν τῆς χωνεύσεως.

ΠΩΛΟΥΝΤΑΙ

εἰς ἅπαντα τὰ Φαρμακεῖα καὶ Φαρμακαποθήκας. Γενικοὶ Ἀντιπρόσωποι διὰ τὴν Ἑλλάδα καὶ Κρήτην: Compagnie Fermière de l'Etablissement thermal de Vichy-Etat, Paris

ΖΩΓΡΑΦΟΣ καὶ ΚΛΟΕΒΕ
ΑΘΗΝΑΙ
